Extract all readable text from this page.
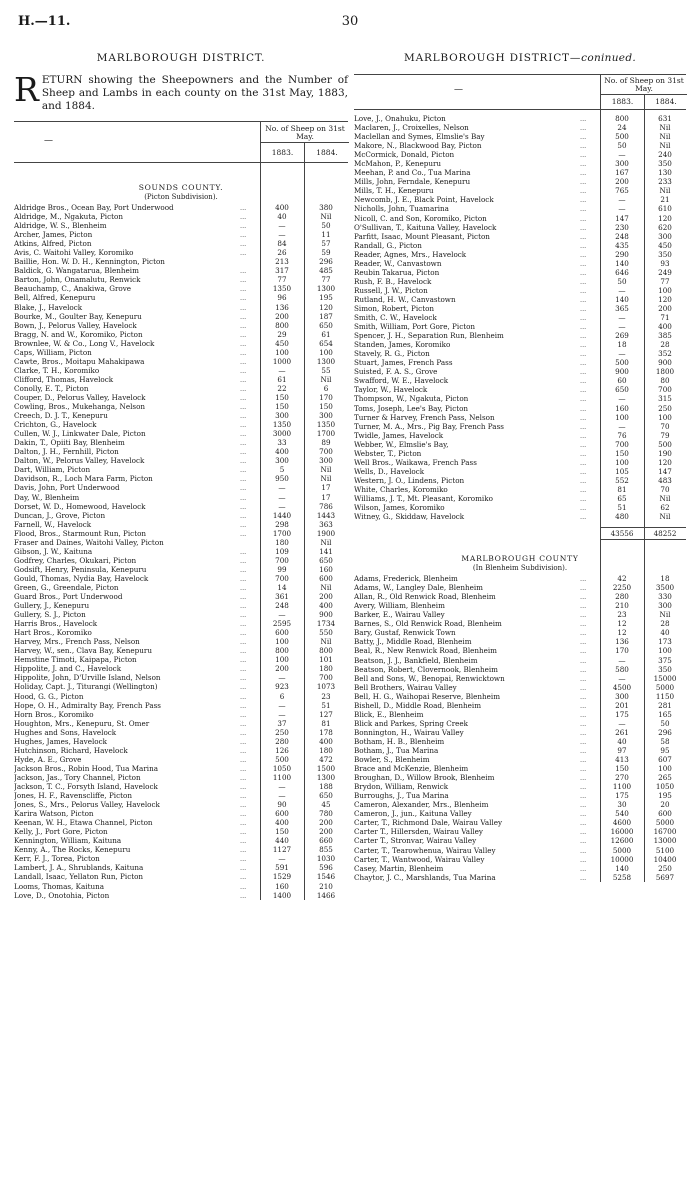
H.—11.	30
MARLBOROUGH DISTRICT.
RETURN showing the Sheepowners and the Number of Sheep and Lambs in each county on the 31st May, 1883, and 1884.
—
No. of Sheep on 31st May.
1883.	1884.
SOUNDS COUNTY.
(Picton Subdivision).
Aldridge Bros., Ocean Bay, Port Underwood	...	400	380
Aldridge, M., Ngakuta, Picton	...	40	Nil
Aldridge, W. S., Blenheim	...	—	50
Archer, James, Picton	...	—	11
Atkins, Alfred, Picton	...	84	57
Avis, C. Waitohi Valley, Koromiko	...	26	59
Baillie, Hon. W. D. H., Kennington, Picton	213	296
Baldick, G. Wangatarua, Blenheim	...	317	485
Barton, John, Onamalutu, Renwick	...	77	77
Beauchamp, C., Anakiwa, Grove	...	1350	1300
Bell, Alfred, Kenepuru	...	96	195
Blake, J., Havelock	...	136	120
Bourke, M., Goulter Bay, Kenepuru	...	200	187
Bown, J., Pelorus Valley, Havelock	...	800	650
Bragg, N. and W., Koromiko, Picton	...	29	61
Brownlee, W. & Co., Long V., Havelock	...	450	654
Caps, William, Picton	...	100	100
Cawte, Bros., Moitapu Mahakipawa	...	1000	1300
Clarke, T. H., Koromiko	...	—	55
Clifford, Thomas, Havelock	...	61	Nil
Conolly, E. T., Picton	...	22	6
Couper, D., Pelorus Valley, Havelock	...	150	170
Cowling, Bros., Mukehanga, Nelson	...	150	150
Creech, D. J. T., Kenepuru	...	300	300
Crichton, G., Havelock	...	1350	1350
Cullen, W. J., Linkwater Dale, Picton	...	3000	1700
Dakin, T., Opiiti Bay, Blenheim	...	33	89
Dalton, J. H., Fernhill, Picton	...	400	700
Dalton, W., Pelorus Valley, Havelock	...	300	300
Dart, William, Picton	...	5	Nil
Davidson, R., Loch Mara Farm, Picton	...	950	Nil
Davis, John, Port Underwood	...	—	17
Day, W., Blenheim	...	—	17
Dorset, W. D., Homewood, Havelock	...	—	786
Duncan, J., Grove, Picton	...	1440	1443
Farnell, W., Havelock	...	298	363
Flood, Bros., Starmount Run, Picton	...	1700	1900
Fraser and Daines, Waitohi Valley, Picton	180	Nil
Gibson, J. W., Kaituna	...	109	141
Godfrey, Charles, Okukari, Picton	...	700	650
Godsift, Henry, Peninsula, Kenepuru	...	99	160
Gould, Thomas, Nydia Bay, Havelock	...	700	600
Green, G., Greendale, Picton	...	14	Nil
Guard Bros., Port Underwood	...	361	200
Gullery, J., Kenepuru	...	248	400
Gullery, S. J., Picton	...	—	900
Harris Bros., Havelock	...	2595	1734
Hart Bros., Koromiko	...	600	550
Harvey, Mrs., French Pass, Nelson	...	100	Nil
Harvey, W., sen., Clava Bay, Kenepuru	...	800	800
Hemstine Timoti, Kaipapa, Picton	...	100	101
Hippolite, J. and C., Havelock	...	200	180
Hippolite, John, D'Urville Island, Nelson	...	—	700
Holiday, Capt. J., Titurangi (Wellington)	...	923	1073
Hood, G. G., Picton	...	6	23
Hope, O. H., Admiralty Bay, French Pass	...	—	51
Horn Bros., Koromiko	...	—	127
Houghton, Mrs., Kenepuru, St. Omer	...	37	81
Hughes and Sons, Havelock	...	250	178
Hughes, James, Havelock	...	280	400
Hutchinson, Richard, Havelock	...	126	180
Hyde, A. E., Grove	...	500	472
Jackson Bros., Robin Hood, Tua Marina	...	1050	1500
Jackson, Jas., Tory Channel, Picton	...	1100	1300
Jackson, T. C., Forsyth Island, Havelock	...	—	188
Jones, H. F., Ravenscliffe, Picton	...	—	650
Jones, S., Mrs., Pelorus Valley, Havelock	...	90	45
Karira Watson, Picton	...	600	780
Keenan, W. H., Etawa Channel, Picton	...	400	200
Kelly, J., Port Gore, Picton	...	150	200
Kennington, William, Kaituna	...	440	660
Kenny, A., The Rocks, Kenepuru	...	1127	855
Kerr, F. J., Torea, Picton	...	—	1030
Lambert, J. A., Shrublands, Kaituna	...	591	596
Landall, Isaac, Yellaton Run, Picton	...	1529	1546
Looms, Thomas, Kaituna	...	160	210
Love, D., Onotohia, Picton	...	1400	1466
MARLBOROUGH DISTRICT—coninued.
—
No. of Sheep on 31st May.
1883.	1884.
Love, J., Onahuku, Picton	...	800	631
Maclaren, J., Croixelles, Nelson	...	24	Nil
Maclellan and Symes, Elmslie's Bay	...	500	Nil
Makore, N., Blackwood Bay, Picton	...	50	Nil
McCormick, Donald, Picton	...	—	240
McMahon, P., Kenepuru	...	300	350
Meehan, P. and Co., Tua Marina	...	167	130
Mills, John, Ferndale, Kenepuru	...	200	233
Mills, T. H., Kenepuru	...	765	Nil
Newcomb, J. E., Black Point, Havelock	...	—	21
Nicholls, John, Tuamarina	...	—	610
Nicoll, C. and Son, Koromiko, Picton	...	147	120
O'Sullivan, T., Kaituna Valley, Havelock	...	230	620
Parfitt, Isaac, Mount Pleasant, Picton	...	248	300
Randall, G., Picton	...	435	450
Reader, Agnes, Mrs., Havelock	...	290	350
Reader, W., Canvastown	...	140	93
Reubin Takarua, Picton	...	646	249
Rush, F. B., Havelock	...	50	77
Russell, J. W., Picton	...	—	100
Rutland, H. W., Canvastown	...	140	120
Simon, Robert, Picton	...	365	200
Smith, C. W., Havelock	...	—	71
Smith, William, Port Gore, Picton	...	—	400
Spencer, J. H., Separation Run, Blenheim	...	269	385
Standen, James, Koromiko	...	18	28
Stavely, R. G., Picton	...	—	352
Stuart, James, French Pass	...	500	900
Suisted, F. A. S., Grove	...	900	1800
Swafford, W. E., Havelock	...	60	80
Taylor, W., Havelock	...	650	700
Thompson, W., Ngakuta, Picton	...	—	315
Toms, Joseph, Lee's Bay, Picton	...	160	250
Turner & Harvey, French Pass, Nelson	...	100	100
Turner, M. A., Mrs., Pig Bay, French Pass	...	—	70
Twidle, James, Havelock	...	76	79
Webber, W., Elmslie's Bay,	...	700	500
Webster, T., Picton	...	150	190
Well Bros., Waikawa, French Pass	...	100	120
Wells, D., Havelock	...	105	147
Western, J. O., Lindens, Picton	...	552	483
White, Charles, Koromiko	...	81	70
Williams, J. T., Mt. Pleasant, Koromiko	...	65	Nil
Wilson, James, Koromiko	...	51	62
Witney, G., Skiddaw, Havelock	...	480	Nil
43556	48252
MARLBOROUGH COUNTY
(In Blenheim Subdivision).
Adams, Frederick, Blenheim	...	42	18
Adams, W., Langley Dale, Blenheim	...	2250	3500
Allan, R., Old Renwick Road, Blenheim	...	280	330
Avery, William, Blenheim	...	210	300
Barker, E., Wairau Valley	...	23	Nil
Barnes, S., Old Renwick Road, Blenheim	...	12	28
Bary, Gustaf, Renwick Town	...	12	40
Batty, J., Middle Road, Blenheim	...	136	173
Beal, R., New Renwick Road, Blenheim	...	170	100
Beatson, J. J., Bankfield, Blenheim	...	—	375
Beatson, Robert, Clovernook, Blenheim	...	580	350
Bell and Sons, W., Benopai, Renwicktown	...	—	15000
Bell Brothers, Wairau Valley	...	4500	5000
Bell, H. G., Waihopai Reserve, Blenheim	...	300	1150
Bishell, D., Middle Road, Blenheim	...	201	281
Blick, E., Blenheim	...	175	165
Blick and Parkes, Spring Creek	...	—	50
Bonnington, H., Wairau Valley	...	261	296
Botham, H. B., Blenheim	...	40	58
Botham, J., Tua Marina	...	97	95
Bowler, S., Blenheim	...	413	607
Brace and McKenzie, Blenheim	...	150	100
Broughan, D., Willow Brook, Blenheim	...	270	265
Brydon, William, Renwick	...	1100	1050
Burroughs, J., Tua Marina	...	175	195
Cameron, Alexander, Mrs., Blenheim	...	30	20
Cameron, J., jun., Kaituna Valley	...	540	600
Carter, T., Richmond Dale, Wairau Valley	...	4600	5000
Carter T., Hillersden, Wairau Valley	...	16000	16700
Carter T., Stronvar, Wairau Valley	...	12600	13000
Carter, T., Tearowhenua, Wairau Valley	...	5000	5100
Carter, T., Wantwood, Wairau Valley	...	10000	10400
Casey, Martin, Blenheim	...	140	250
Chaytor, J. C., Marshlands, Tua Marina	...	5258	5697
